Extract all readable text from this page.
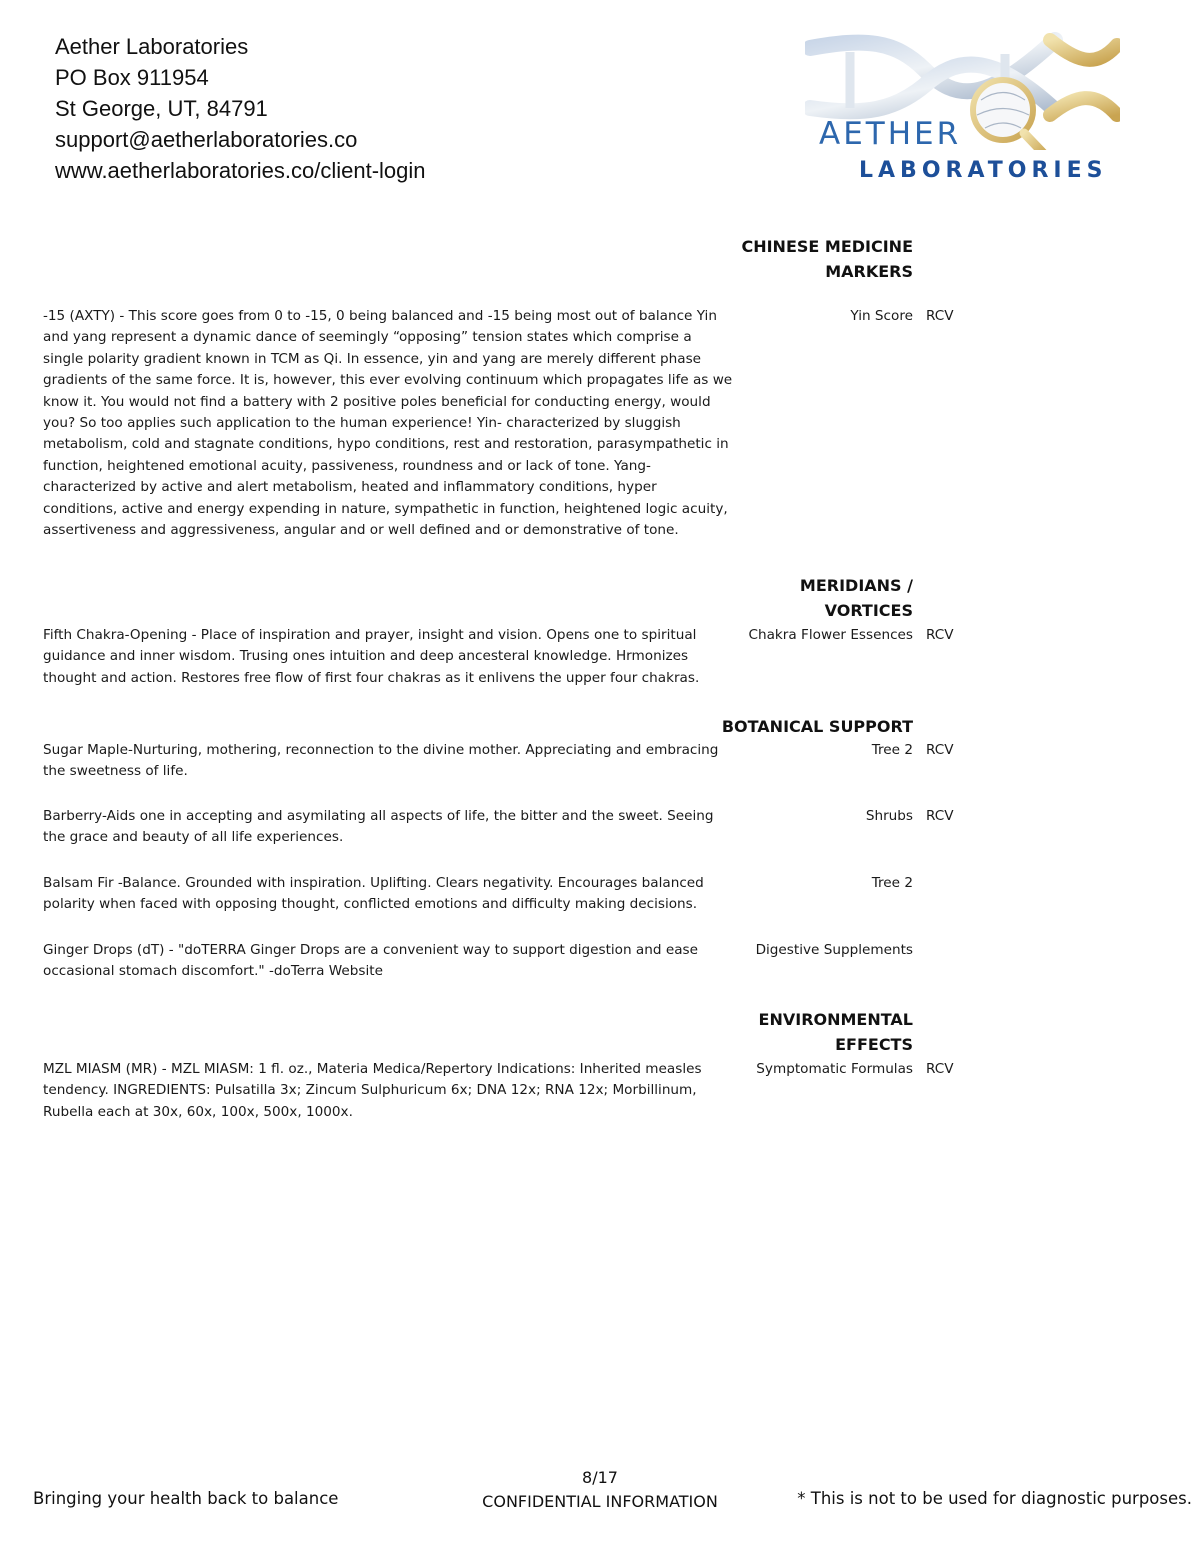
Aether Laboratories
PO Box 911954
St George, UT, 84791
support@aetherlaboratories.co
www.aetherlaboratories.co/client-login
AETHER
LABORATORIES
CHINESE MEDICINE
MARKERS
-15 (AXTY) - This score goes from 0 to -15, 0 being balanced and -15 being most out of balance Yin and yang represent a dynamic dance of seemingly “opposing” tension states which comprise a single polarity gradient known in TCM as Qi. In essence, yin and yang are merely different phase gradients of the same force. It is, however, this ever evolving continuum which propagates life as we know it. You would not find a battery with 2 positive poles beneficial for conducting energy, would you? So too applies such application to the human experience! Yin- characterized by sluggish metabolism, cold and stagnate conditions, hypo conditions, rest and restoration, parasympathetic in function, heightened emotional acuity, passiveness, roundness and or lack of tone. Yang- characterized by active and alert metabolism, heated and inflammatory conditions, hyper conditions, active and energy expending in nature, sympathetic in function, heightened logic acuity, assertiveness and aggressiveness, angular and or well defined and or demonstrative of tone.
Yin Score RCV
MERIDIANS /
VORTICES
Fifth Chakra-Opening - Place of inspiration and prayer, insight and vision. Opens one to spiritual guidance and inner wisdom. Trusing ones intuition and deep ancesteral knowledge. Hrmonizes thought and action. Restores free flow of first four chakras as it enlivens the upper four chakras.
Chakra Flower Essences RCV
BOTANICAL SUPPORT
Sugar Maple-Nurturing, mothering, reconnection to the divine mother. Appreciating and embracing the sweetness of life.
Tree 2 RCV
Barberry-Aids one in accepting and asymilating all aspects of life, the bitter and the sweet. Seeing the grace and beauty of all life experiences.
Shrubs RCV
Balsam Fir -Balance. Grounded with inspiration. Uplifting. Clears negativity. Encourages balanced polarity when faced with opposing thought, conflicted emotions and difficulty making decisions.
Tree 2
Ginger Drops (dT) - "doTERRA Ginger Drops are a convenient way to support digestion and ease occasional stomach discomfort." -doTerra Website
Digestive Supplements
ENVIRONMENTAL
EFFECTS
MZL MIASM (MR) - MZL MIASM: 1 fl. oz., Materia Medica/Repertory Indications: Inherited measles tendency. INGREDIENTS: Pulsatilla 3x; Zincum Sulphuricum 6x; DNA 12x; RNA 12x; Morbillinum, Rubella each at 30x, 60x, 100x, 500x, 1000x.
Symptomatic Formulas RCV
Bringing your health back to balance
8/17
CONFIDENTIAL INFORMATION	* This is not to be used for diagnostic purposes.
